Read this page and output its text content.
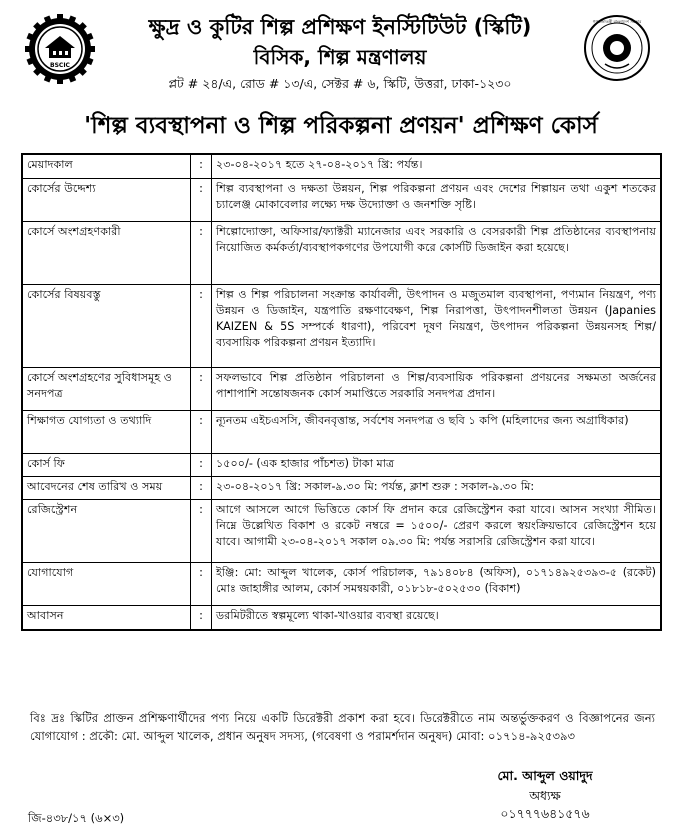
BSCIC
গণপ্রজাতন্ত্রী বাংলাদেশ সরকার
ক্ষুদ্র ও কুটির শিল্প প্রশিক্ষণ ইনস্টিটিউট (স্কিটি)
বিসিক, শিল্প মন্ত্রণালয়
প্লট # ২৪/এ, রোড # ১৩/এ, সেক্টর # ৬, স্কিটি, উত্তরা, ঢাকা-১২৩০
'শিল্প ব্যবস্থাপনা ও শিল্প পরিকল্পনা প্রণয়ন' প্রশিক্ষণ কোর্স
মেয়াদকাল	:	২৩-০৪-২০১৭ হতে ২৭-০৪-২০১৭ খ্রি: পর্যন্ত।
কোর্সের উদ্দেশ্য	:	শিল্প ব্যবস্থাপনা ও দক্ষতা উন্নয়ন, শিল্প পরিকল্পনা প্রণয়ন এবং দেশের শিল্পায়ন তথা একুশ শতকের চ্যালেঞ্জ মোকাবেলার লক্ষ্যে দক্ষ উদ্যোক্তা ও জনশক্তি সৃষ্টি।
কোর্সে অংশগ্রহণকারী	:	শিল্পোদ্যোক্তা, অফিসার/ফ্যাক্টরী ম্যানেজার এবং সরকারি ও বেসরকারী শিল্প প্রতিষ্ঠানের ব্যবস্থাপনায় নিয়োজিত কর্মকর্তা/ব্যবস্থাপকগণের উপযোগী করে কোর্সটি ডিজাইন করা হয়েছে।
কোর্সের বিষয়বস্তু	:	শিল্প ও শিল্প পরিচালনা সংক্রান্ত কার্যাবলী, উৎপাদন ও মজুতমাল ব্যবস্থাপনা, পণ্যমান নিয়ন্ত্রণ, পণ্য উন্নয়ন ও ডিজাইন, যন্ত্রপাতি রক্ষণাবেক্ষণ, শিল্প নিরাপত্তা, উৎপাদনশীলতা উন্নয়ন (Japanies KAIZEN & 5S সম্পর্কে ধারণা), পরিবেশ দূষণ নিয়ন্ত্রণ, উৎপাদন পরিকল্পনা উন্নয়নসহ শিল্প/ব্যবসায়িক পরিকল্পনা প্রণয়ন ইত্যাদি।
কোর্সে অংশগ্রহণের সুবিধাসমূহ ও সনদপত্র	:	সফলভাবে শিল্প প্রতিষ্ঠান পরিচালনা ও শিল্প/ব্যবসায়িক পরিকল্পনা প্রণয়নের সক্ষমতা অর্জনের পাশাপাশি সন্তোষজনক কোর্স সমাপ্তিতে সরকারি সনদপত্র প্রদান।
শিক্ষাগত যোগ্যতা ও তথ্যাদি	:	ন্যূনতম এইচএসসি, জীবনবৃত্তান্ত, সর্বশেষ সনদপত্র ও ছবি ১ কপি (মহিলাদের জন্য অগ্রাধিকার)
কোর্স ফি	:	১৫০০/- (এক হাজার পাঁচশত) টাকা মাত্র
আবেদনের শেষ তারিখ ও সময়	:	২৩-০৪-২০১৭ খ্রি: সকাল-৯.৩০ মি: পর্যন্ত, ক্লাশ শুরু : সকাল-৯.৩০ মি:
রেজিস্ট্রেশন	:	আগে আসলে আগে ভিত্তিতে কোর্স ফি প্রদান করে রেজিস্ট্রেশন করা যাবে। আসন সংখ্যা সীমিত। নিম্নে উল্লেখিত বিকাশ ও রকেট নম্বরে = ১৫০০/- প্রেরণ করলে স্বয়ংক্রিয়ভাবে রেজিস্ট্রেশন হয়ে যাবে। আগামী ২৩-০৪-২০১৭ সকাল ০৯.৩০ মি: পর্যন্ত সরাসরি রেজিস্ট্রেশন করা যাবে।
যোগাযোগ	:	ইঞ্জি: মো: আব্দুল খালেক, কোর্স পরিচালক, ৭৯১৪০৮৪ (অফিস), ০১৭১৪৯২৫৩৯৩-৫ (রকেট) মোঃ জাহাঙ্গীর আলম, কোর্স সমন্বয়কারী, ০১৮১৮-৫০২৫৩০ (বিকাশ)
আবাসন	:	ডরমিটরীতে স্বল্পমূল্যে থাকা-খাওয়ার ব্যবস্থা রয়েছে।
বিঃ দ্রঃ স্কিটির প্রাক্তন প্রশিক্ষণার্থীদের পণ্য নিয়ে একটি ডিরেক্টরী প্রকাশ করা হবে। ডিরেক্টরীতে নাম অন্তর্ভুক্তকরণ ও বিজ্ঞাপনের জন্য যোগাযোগ : প্রকৌ: মো. আব্দুল খালেক, প্রধান অনুষদ সদস্য, (গবেষণা ও পরামর্শদান অনুষদ) মোবা: ০১৭১৪-৯২৫৩৯৩
মো. আব্দুল ওয়াদুদ
অধ্যক্ষ
০১৭৭৭৬৪১৫৭৬
জি-৪৩৮/১৭ (৬×৩)
